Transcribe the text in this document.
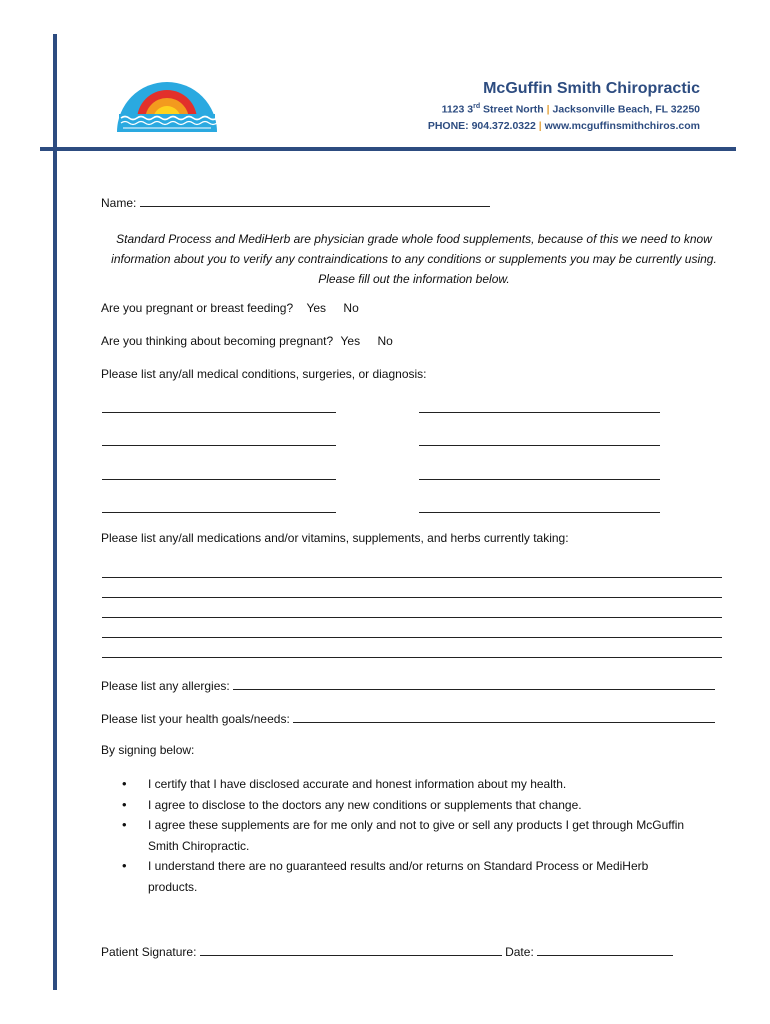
McGuffin Smith Chiropractic
1123 3rd Street North | Jacksonville Beach, FL 32250
PHONE: 904.372.0322 | www.mcguffinsmithchiros.com
Name:
Standard Process and MediHerb are physician grade whole food supplements, because of this we need to know information about you to verify any contraindications to any conditions or supplements you may be currently using. Please fill out the information below.
Are you pregnant or breast feeding? Yes No
Are you thinking about becoming pregnant? Yes No
Please list any/all medical conditions, surgeries, or diagnosis:
Please list any/all medications and/or vitamins, supplements, and herbs currently taking:
Please list any allergies:
Please list your health goals/needs:
By signing below:
• I certify that I have disclosed accurate and honest information about my health.
• I agree to disclose to the doctors any new conditions or supplements that change.
• I agree these supplements are for me only and not to give or sell any products I get through McGuffin Smith Chiropractic.
• I understand there are no guaranteed results and/or returns on Standard Process or MediHerb products.
Patient Signature:	Date:
